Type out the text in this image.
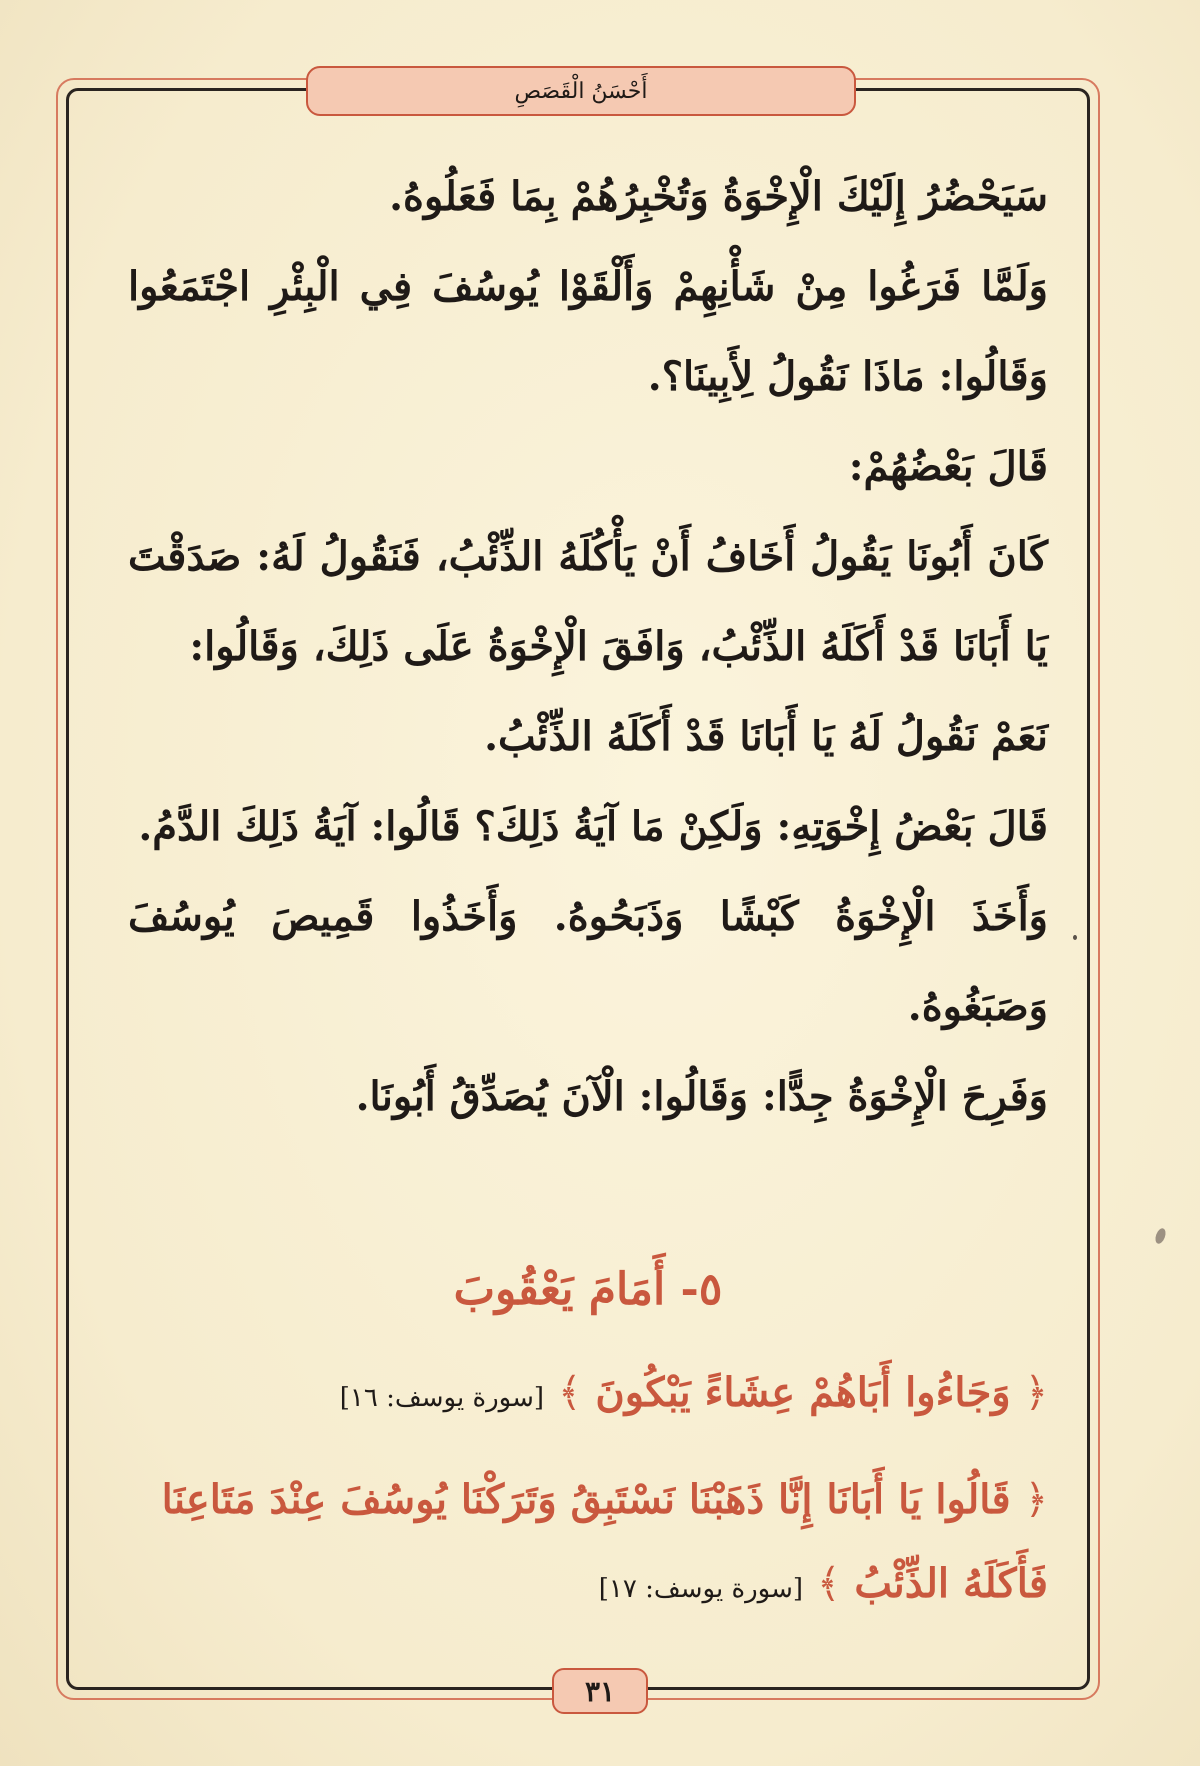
أَحْسَنُ الْقَصَصِ

سَيَحْضُرُ إِلَيْكَ الْإِخْوَةُ وَتُخْبِرُهُمْ بِمَا فَعَلُوهُ.

وَلَمَّا فَرَغُوا مِنْ شَأْنِهِمْ وَأَلْقَوْا يُوسُفَ فِي الْبِئْرِ اجْتَمَعُوا وَقَالُوا: مَاذَا نَقُولُ لِأَبِينَا؟.

قَالَ بَعْضُهُمْ:

كَانَ أَبُونَا يَقُولُ أَخَافُ أَنْ يَأْكُلَهُ الذِّئْبُ، فَنَقُولُ لَهُ: صَدَقْتَ يَا أَبَانَا قَدْ أَكَلَهُ الذِّئْبُ، وَافَقَ الْإِخْوَةُ عَلَى ذَلِكَ، وَقَالُوا:

نَعَمْ نَقُولُ لَهُ يَا أَبَانَا قَدْ أَكَلَهُ الذِّئْبُ.

قَالَ بَعْضُ إِخْوَتِهِ: وَلَكِنْ مَا آيَةُ ذَلِكَ؟ قَالُوا: آيَةُ ذَلِكَ الدَّمُ.

وَأَخَذَ الْإِخْوَةُ كَبْشًا وَذَبَحُوهُ. وَأَخَذُوا قَمِيصَ يُوسُفَ وَصَبَغُوهُ.

وَفَرِحَ الْإِخْوَةُ جِدًّا: وَقَالُوا: الْآنَ يُصَدِّقُ أَبُونَا.

٥- أَمَامَ يَعْقُوبَ

﴿ وَجَاءُوا أَبَاهُمْ عِشَاءً يَبْكُونَ ﴾ [سورة يوسف: ١٦]

﴿ قَالُوا يَا أَبَانَا إِنَّا ذَهَبْنَا نَسْتَبِقُ وَتَرَكْنَا يُوسُفَ عِنْدَ مَتَاعِنَا فَأَكَلَهُ الذِّئْبُ ﴾ [سورة يوسف: ١٧]

٣١
